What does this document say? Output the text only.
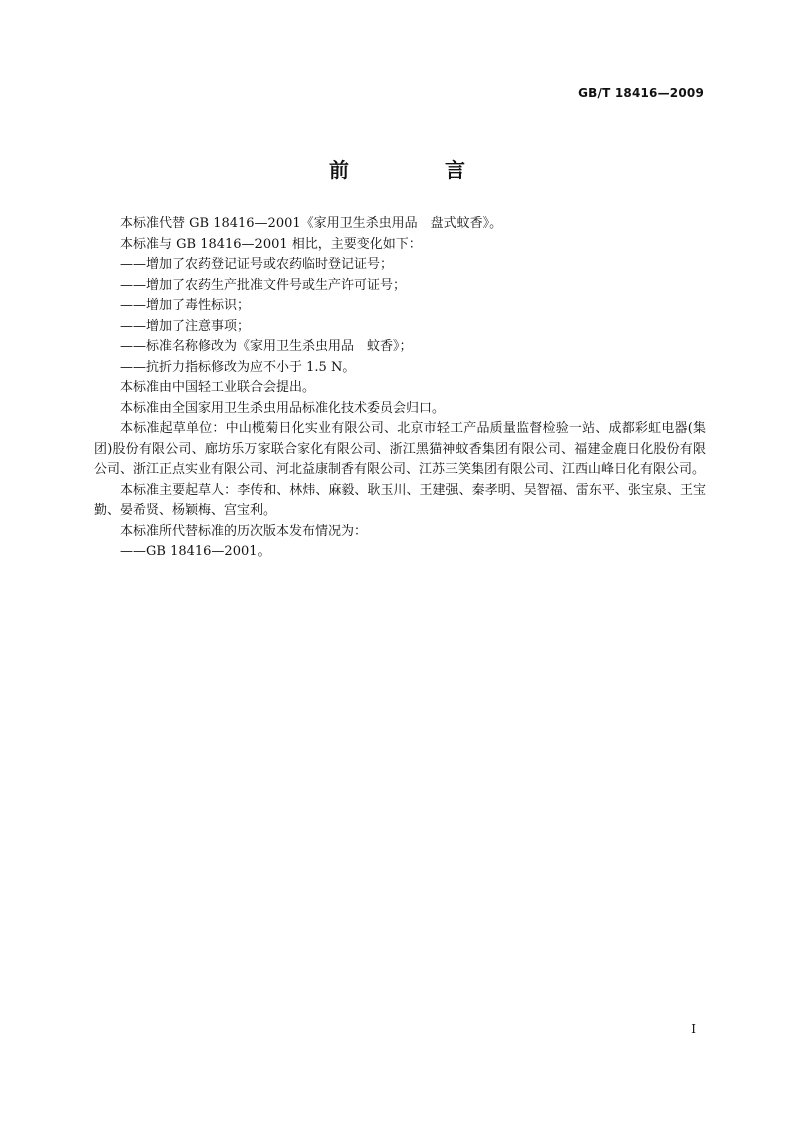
GB/T 18416—2009
前　言

本标准代替 GB 18416—2001《家用卫生杀虫用品　盘式蚊香》。

本标准与 GB 18416—2001 相比，主要变化如下：

——增加了农药登记证号或农药临时登记证号；

——增加了农药生产批准文件号或生产许可证号；

——增加了毒性标识；

——增加了注意事项；

——标准名称修改为《家用卫生杀虫用品　蚊香》；

——抗折力指标修改为应不小于 1.5 N。

本标准由中国轻工业联合会提出。

本标准由全国家用卫生杀虫用品标准化技术委员会归口。

本标准起草单位：中山榄菊日化实业有限公司、北京市轻工产品质量监督检验一站、成都彩虹电器(集团)股份有限公司、廊坊乐万家联合家化有限公司、浙江黑猫神蚊香集团有限公司、福建金鹿日化股份有限公司、浙江正点实业有限公司、河北益康制香有限公司、江苏三笑集团有限公司、江西山峰日化有限公司。

本标准主要起草人：李传和、林炜、麻毅、耿玉川、王建强、秦孝明、吴智福、雷东平、张宝泉、王宝勤、晏希贤、杨颖梅、宫宝利。

本标准所代替标准的历次版本发布情况为：

——GB 18416—2001。

I
